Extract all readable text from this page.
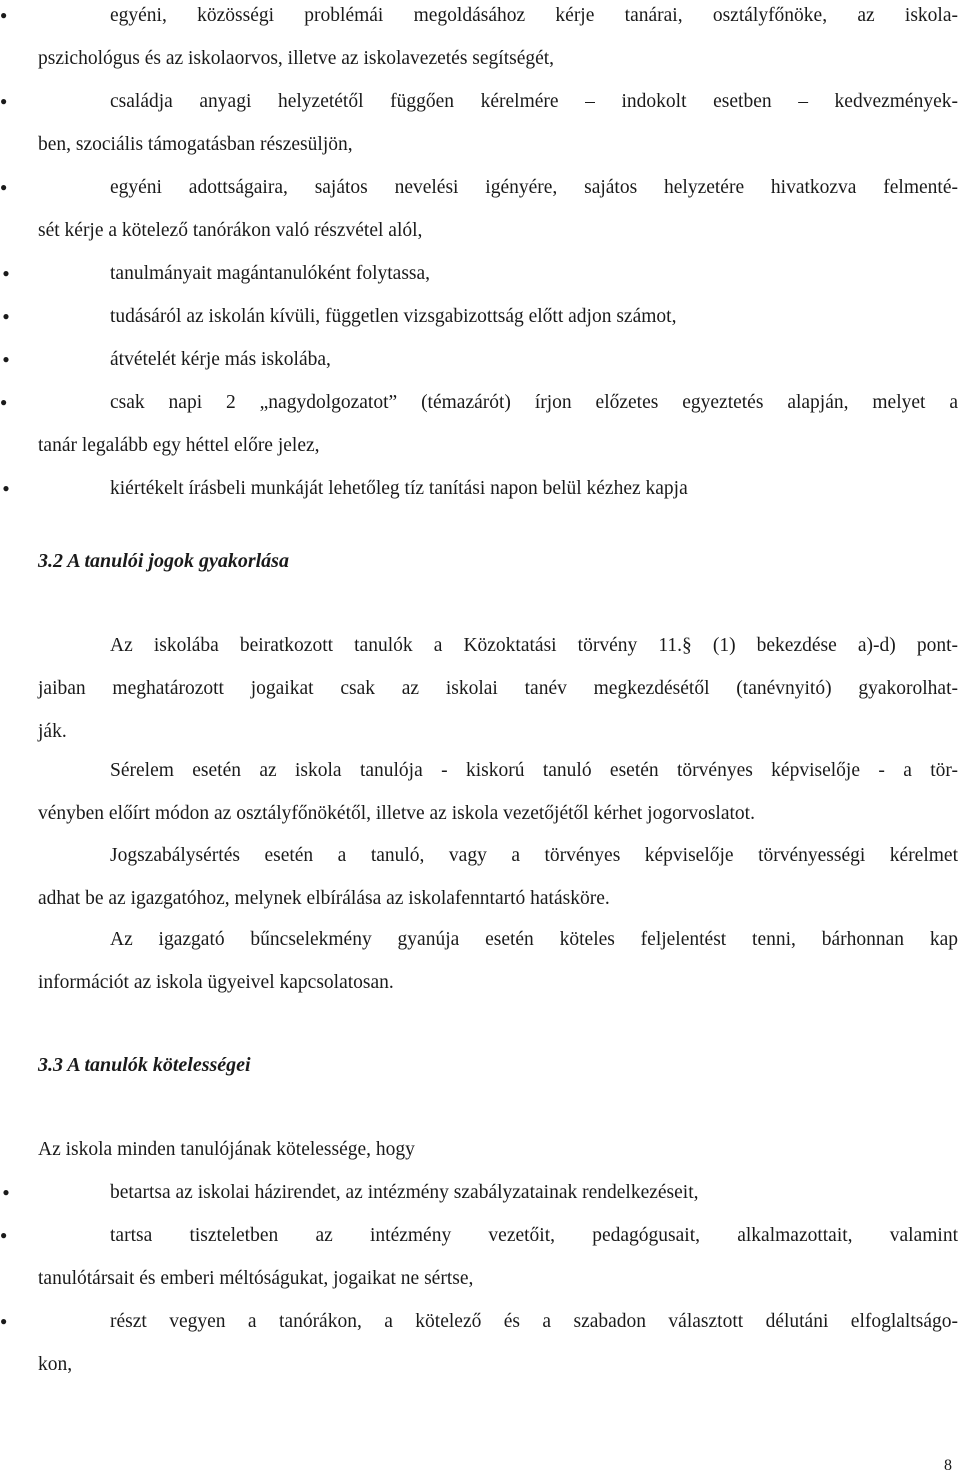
●	egyéni, közösségi problémái megoldásához kérje tanárai, osztályfőnöke, az iskola-
pszichológus és az iskolaorvos, illetve az iskolavezetés segítségét,
●	családja anyagi helyzetétől függően kérelmére – indokolt esetben – kedvezmények-
ben, szociális támogatásban részesüljön,
●	egyéni adottságaira, sajátos nevelési igényére, sajátos helyzetére hivatkozva felmenté-
sét kérje a kötelező tanórákon való részvétel alól,
●	tanulmányait magántanulóként folytassa,
●	tudásáról az iskolán kívüli, független vizsgabizottság előtt adjon számot,
●	átvételét kérje más iskolába,
●	csak napi 2 „nagydolgozatot” (témazárót) írjon előzetes egyeztetés alapján, melyet a
tanár legalább egy héttel előre jelez,
●	kiértékelt írásbeli munkáját lehetőleg tíz tanítási napon belül kézhez kapja
3.2 A tanulói jogok gyakorlása
Az iskolába beiratkozott tanulók a Közoktatási törvény 11.§ (1) bekezdése a)-d) pont-
jaiban meghatározott jogaikat csak az iskolai tanév megkezdésétől (tanévnyitó) gyakorolhat-
ják.
Sérelem esetén az iskola tanulója - kiskorú tanuló esetén törvényes képviselője - a tör-
vényben előírt módon az osztályfőnökétől, illetve az iskola vezetőjétől kérhet jogorvoslatot.
Jogszabálysértés esetén a tanuló, vagy a törvényes képviselője törvényességi kérelmet
adhat be az igazgatóhoz, melynek elbírálása az iskolafenntartó hatásköre.
Az igazgató bűncselekmény gyanúja esetén köteles feljelentést tenni, bárhonnan kap
információt az iskola ügyeivel kapcsolatosan.
3.3 A tanulók kötelességei
Az iskola minden tanulójának kötelessége, hogy
●	betartsa az iskolai házirendet, az intézmény szabályzatainak rendelkezéseit,
●	tartsa tiszteletben az intézmény vezetőit, pedagógusait, alkalmazottait, valamint
tanulótársait és emberi méltóságukat, jogaikat ne sértse,
●	részt vegyen a tanórákon, a kötelező és a szabadon választott délutáni elfoglaltságo-
kon,
8
